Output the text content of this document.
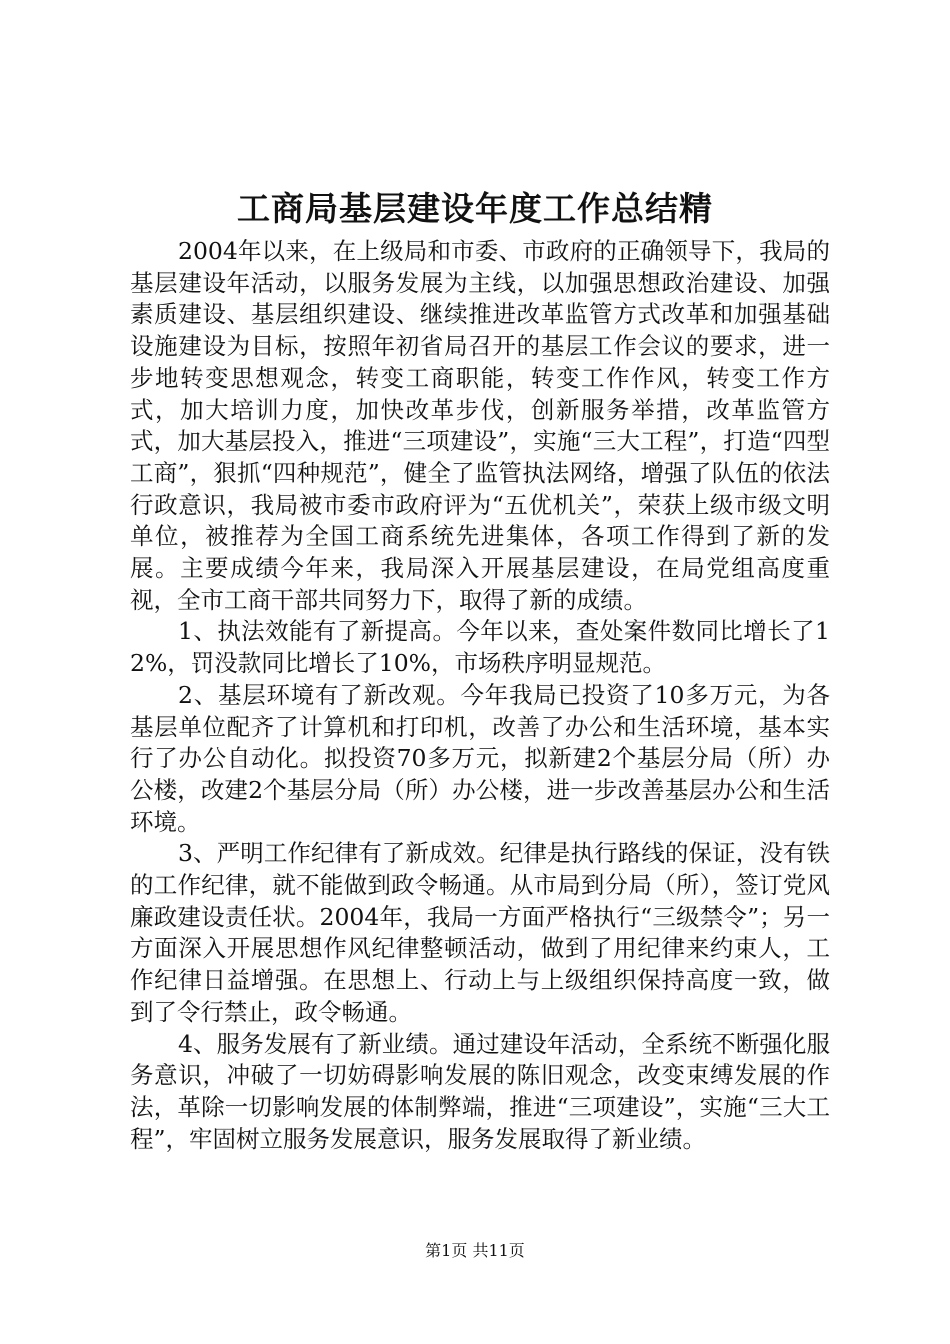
工商局基层建设年度工作总结精

2004年以来，在上级局和市委、市政府的正确领导下，我局的基层建设年活动，以服务发展为主线，以加强思想政治建设、加强素质建设、基层组织建设、继续推进改革监管方式改革和加强基础设施建设为目标，按照年初省局召开的基层工作会议的要求，进一步地转变思想观念，转变工商职能，转变工作作风，转变工作方式，加大培训力度，加快改革步伐，创新服务举措，改革监管方式，加大基层投入，推进“三项建设”，实施“三大工程”，打造“四型工商”，狠抓“四种规范”，健全了监管执法网络，增强了队伍的依法行政意识，我局被市委市政府评为“五优机关”，荣获上级市级文明单位，被推荐为全国工商系统先进集体，各项工作得到了新的发展。主要成绩今年来，我局深入开展基层建设，在局党组高度重视，全市工商干部共同努力下，取得了新的成绩。

1、执法效能有了新提高。今年以来，查处案件数同比增长了12%，罚没款同比增长了10%，市场秩序明显规范。

2、基层环境有了新改观。今年我局已投资了10多万元，为各基层单位配齐了计算机和打印机，改善了办公和生活环境，基本实行了办公自动化。拟投资70多万元，拟新建2个基层分局（所）办公楼，改建2个基层分局（所）办公楼，进一步改善基层办公和生活环境。

3、严明工作纪律有了新成效。纪律是执行路线的保证，没有铁的工作纪律，就不能做到政令畅通。从市局到分局（所），签订党风廉政建设责任状。2004年，我局一方面严格执行“三级禁令”；另一方面深入开展思想作风纪律整顿活动，做到了用纪律来约束人，工作纪律日益增强。在思想上、行动上与上级组织保持高度一致，做到了令行禁止，政令畅通。

4、服务发展有了新业绩。通过建设年活动，全系统不断强化服务意识，冲破了一切妨碍影响发展的陈旧观念，改变束缚发展的作法，革除一切影响发展的体制弊端，推进“三项建设”，实施“三大工程”，牢固树立服务发展意识，服务发展取得了新业绩。

第1页 共11页
